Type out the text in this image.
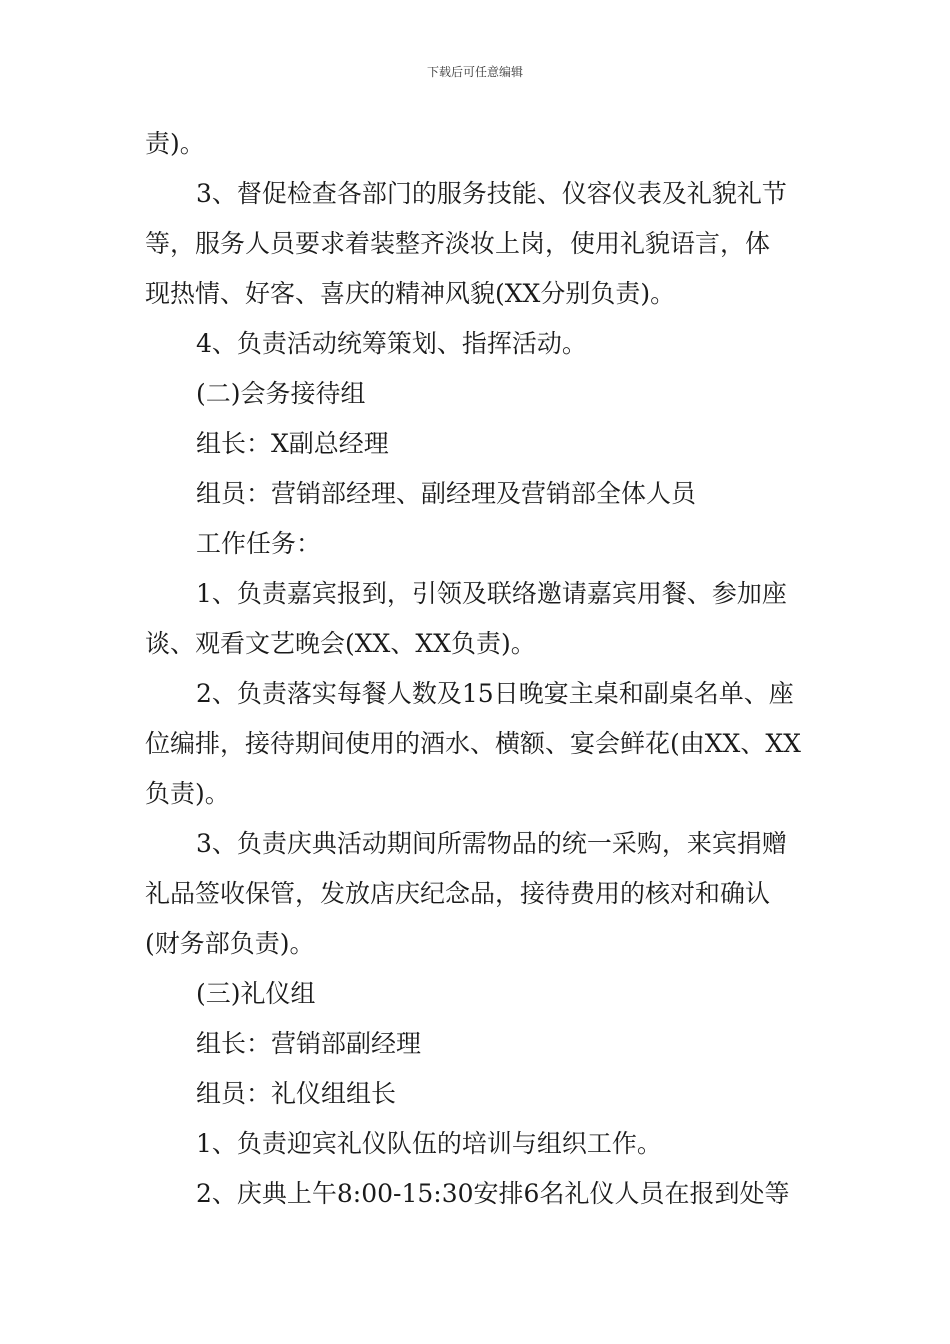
下载后可任意编辑
责)。
3、督促检查各部门的服务技能、仪容仪表及礼貌礼节
等，服务人员要求着装整齐淡妆上岗，使用礼貌语言，体
现热情、好客、喜庆的精神风貌(XX分别负责)。
4、负责活动统筹策划、指挥活动。
(二)会务接待组
组长：X副总经理
组员：营销部经理、副经理及营销部全体人员
工作任务：
1、负责嘉宾报到，引领及联络邀请嘉宾用餐、参加座
谈、观看文艺晚会(XX、XX负责)。
2、负责落实每餐人数及15日晚宴主桌和副桌名单、座
位编排，接待期间使用的酒水、横额、宴会鲜花(由XX、XX
负责)。
3、负责庆典活动期间所需物品的统一采购，来宾捐赠
礼品签收保管，发放店庆纪念品，接待费用的核对和确认
(财务部负责)。
(三)礼仪组
组长：营销部副经理
组员：礼仪组组长
1、负责迎宾礼仪队伍的培训与组织工作。
2、庆典上午8:00-15:30安排6名礼仪人员在报到处等
